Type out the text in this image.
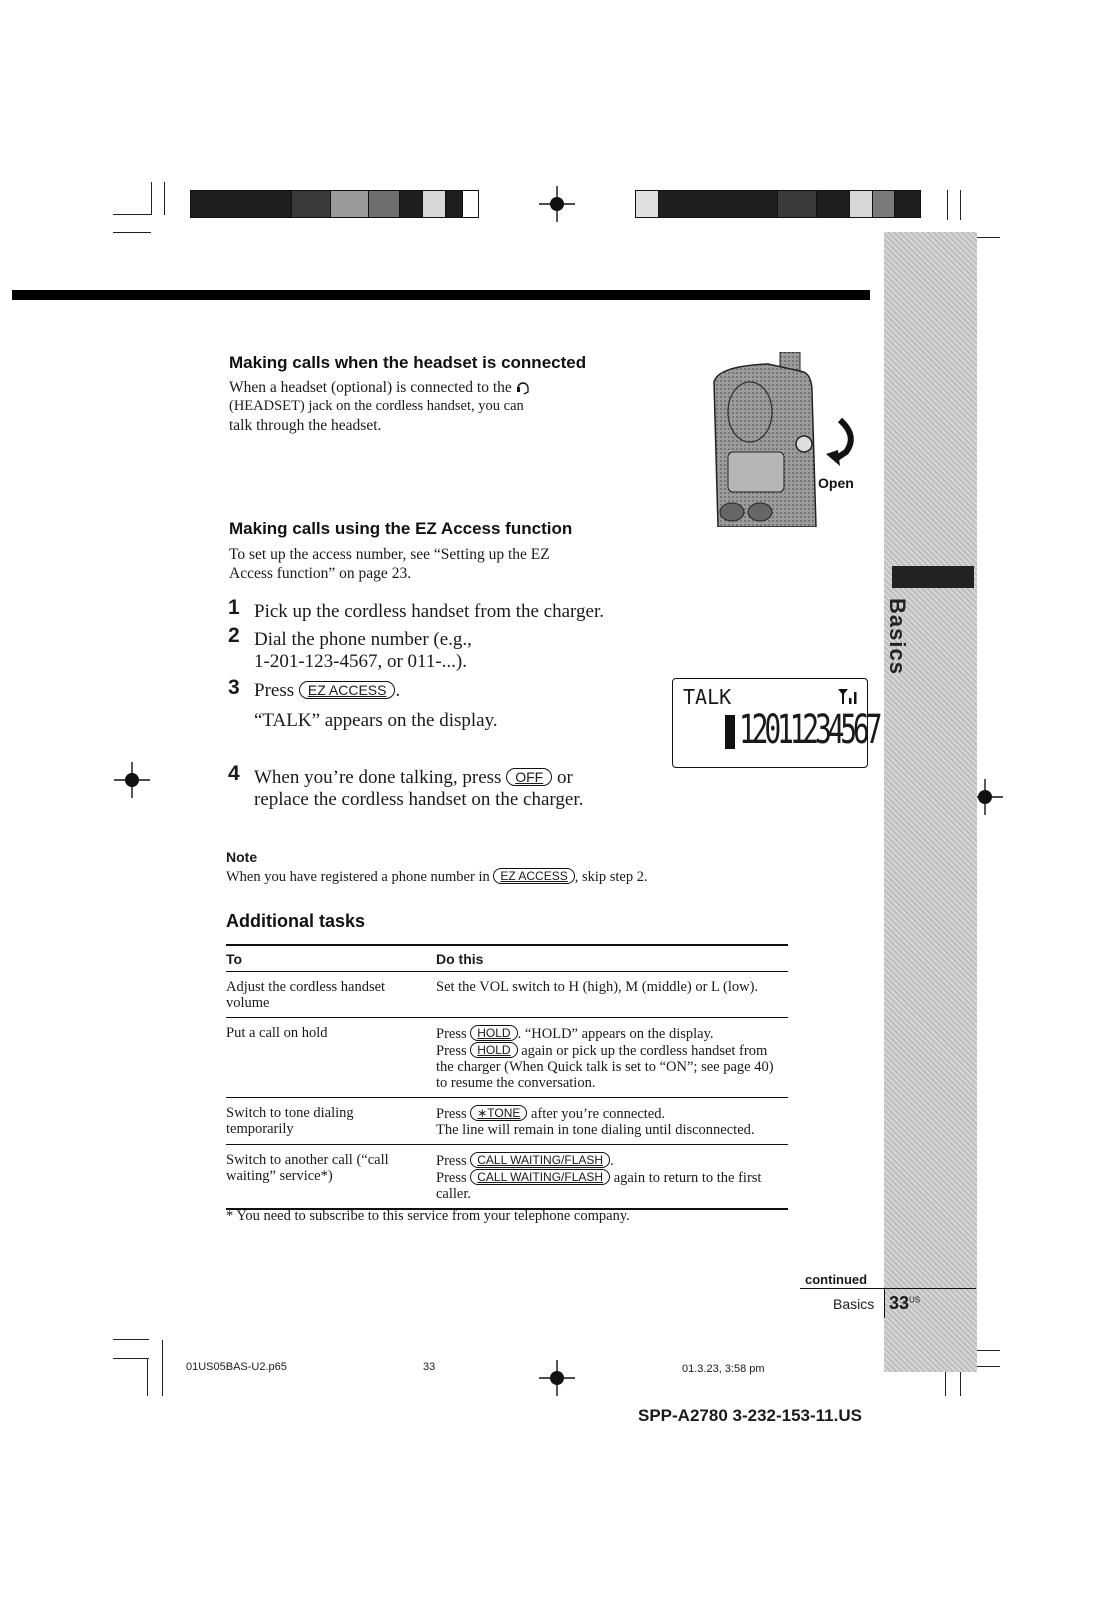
Basics
Making calls when the headset is connected
When a headset (optional) is connected to the
(HEADSET) jack on the cordless handset, you can
talk through the headset.
Open
Making calls using the EZ Access function
To set up the access number, see “Setting up the EZ
Access function” on page 23.
1 Pick up the cordless handset from the charger.
2 Dial the phone number (e.g.,
1-201-123-4567, or 011-...).
3 Press EZ ACCESS .
“TALK” appears on the display.
TALK
12011234567
4 When you’re done talking, press OFF or
replace the cordless handset on the charger.
Note
When you have registered a phone number in EZ ACCESS , skip step 2.
Additional tasks
To	Do this
Adjust the cordless handset volume	Set the VOL switch to H (high), M (middle) or L (low).
Put a call on hold	Press HOLD . “HOLD” appears on the display.
Press HOLD again or pick up the cordless handset from the charger (When Quick talk is set to “ON”; see page 40) to resume the conversation.

Switch to tone dialing temporarily	Press ∗TONE after you’re connected.
The line will remain in tone dialing until disconnected.

Switch to another call (“call waiting” service*)	Press CALL WAITING/FLASH .
Press CALL WAITING/FLASH again to return to the first caller.
* You need to subscribe to this service from your telephone company.
continued
Basics $33^{US}$
01US05BAS-U2.p65	33	01.3.23, 3:58 pm
SPP-A2780 3-232-153-11.US
